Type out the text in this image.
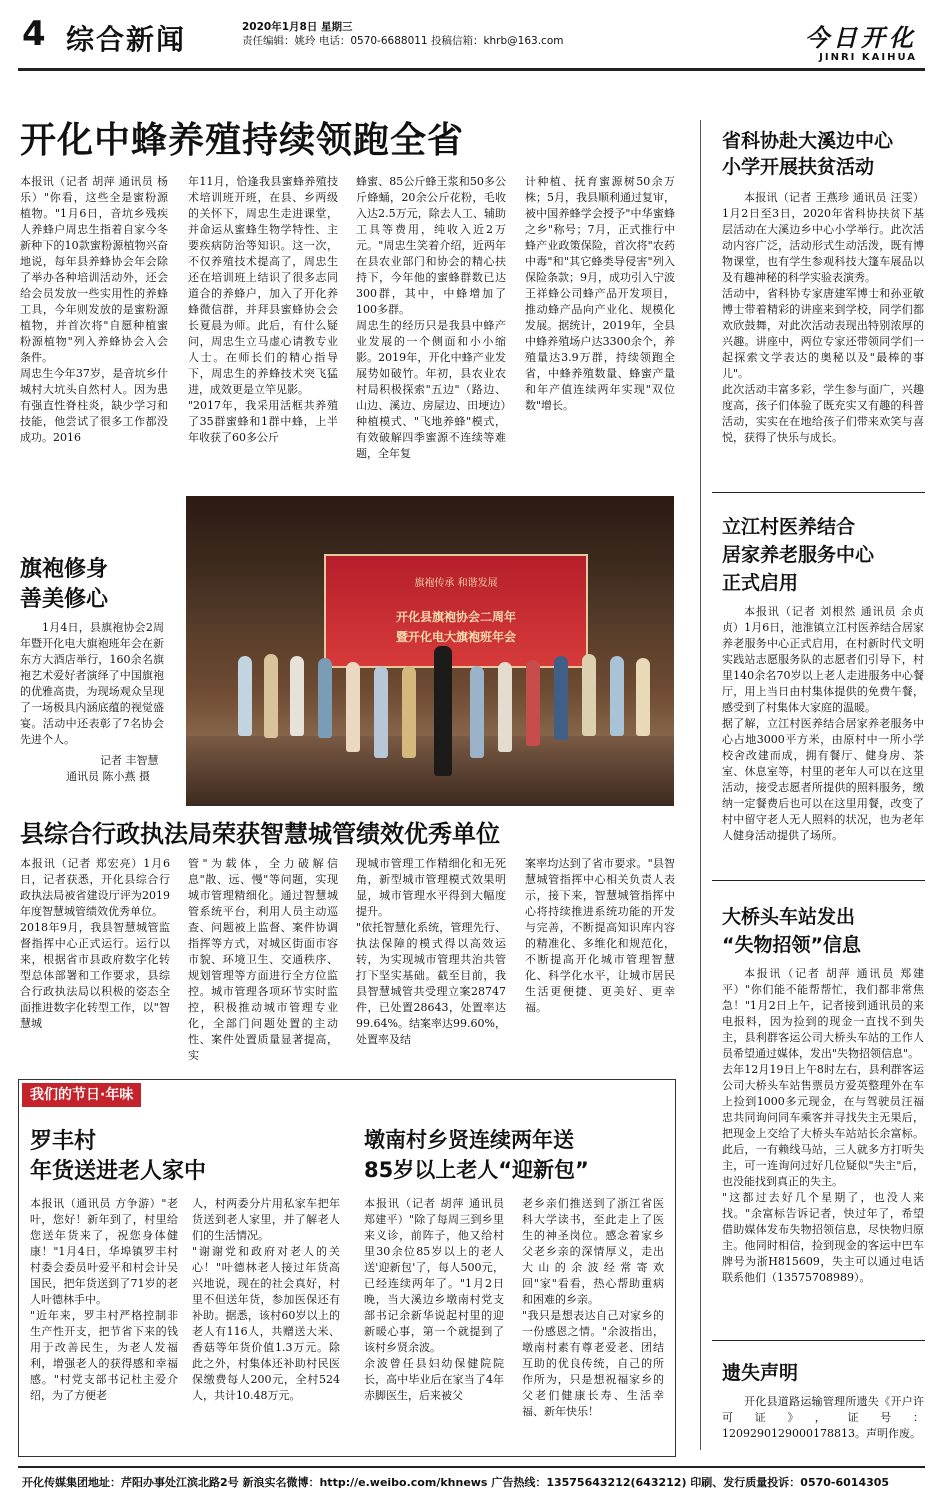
4 综合新闻	2020年1月8日 星期三
责任编辑：姚玲 电话：0570-6688011 投稿信箱：khrb@163.com	今日开化
JINRI KAIHUA
开化中蜂养殖持续领跑全省
本报讯（记者 胡萍 通讯员 杨乐）"你看，这些全是蜜粉源植物。"1月6日，音坑乡残疾人养蜂户周忠生指着自家今冬新种下的10款蜜粉源植物兴奋地说，每年县养蜂协会年会除了举办各种培训活动外，还会给会员发放一些实用性的养蜂工具，今年则发放的是蜜粉源植物，并首次将"自愿种植蜜粉源植物"列入养蜂协会入会条件。
周忠生今年37岁，是音坑乡什城村大坑头自然村人。因为患有强直性脊柱炎，缺少学习和技能，他尝试了很多工作都没成功。2016
年11月，恰逢我县蜜蜂养殖技术培训班开班，在县、乡两级的关怀下，周忠生走进课堂，并命运从蜜蜂生物学特性、主要疾病防治等知识。这一次，不仅养殖技术提高了，周忠生还在培训班上结识了很多志同道合的养蜂户，加入了开化养蜂微信群，并拜县蜜蜂协会会长夏晨为师。此后，有什么疑问，周忠生立马虚心请教专业人士。在师长们的精心指导下，周忠生的养蜂技术突飞猛进，成效更是立竿见影。
"2017年，我采用活框共养殖了35群蜜蜂和1群中蜂，上半年收获了60多公斤
蜂蜜、85公斤蜂王浆和50多公斤蜂蛹，20余公斤花粉，毛收入达2.5万元，除去人工、辅助工具等费用，纯收入近2万元。"周忠生笑着介绍，近两年在县农业部门和协会的精心扶持下，今年他的蜜蜂群数已达300群，其中，中蜂增加了100多群。
周忠生的经历只是我县中蜂产业发展的一个侧面和小小缩影。2019年，开化中蜂产业发展势如破竹。年初，县农业农村局积极探索"五边"（路边、山边、溪边、房屋边、田埂边）种植模式、"飞地养蜂"模式，有效破解四季蜜源不连续等难题，全年复
计种植、抚育蜜源树50余万株；5月，我县顺利通过复审，被中国养蜂学会授予"中华蜜蜂之乡"称号；7月，正式推行中蜂产业政策保险，首次将"农药中毒"和"其它蜂类导侵害"列入保险条款；9月，成功引入宁波王祥蜂公司蜂产品开发项目，推动蜂产品向产业化、规模化发展。据统计，2019年，全县中蜂养殖场户达3300余个，养殖量达3.9万群，持续领跑全省，中蜂养殖数量、蜂蜜产量和年产值连续两年实现"双位数"增长。
旗袍修身
善美修心
1月4日，县旗袍协会2周年暨开化电大旗袍班年会在新东方大酒店举行，160余名旗袍艺术爱好者演绎了中国旗袍的优雅高贵，为现场观众呈现了一场极具内涵底蕴的视觉盛宴。活动中还表彰了7名协会先进个人。
记者 丰智慧
通讯员 陈小燕 摄
旗袍传承 和谐发展
开化县旗袍协会二周年
暨开化电大旗袍班年会
县综合行政执法局荣获智慧城管绩效优秀单位
本报讯（记者 郑宏亮）1月6日，记者获悉，开化县综合行政执法局被省建设厅评为2019年度智慧城管绩效优秀单位。
2018年9月，我县智慧城管监督指挥中心正式运行。运行以来，根据省市县政府数字化转型总体部署和工作要求，县综合行政执法局以积极的姿态全面推进数字化转型工作，以"智慧城
管"为载体，全力破解信息"散、远、慢"等问题，实现城市管理精细化。通过智慧城管系统平台，利用人员主动巡查、问题被上监督、案件协调指挥等方式，对城区街面市容市貌、环境卫生、交通秩序、规划管理等方面进行全方位监控。城市管理各项环节实时监控，积极推动城市管理专业化，全部门问题处置的主动性、案件处置质量显著提高，实
现城市管理工作精细化和无死角，新型城市管理模式效果明显，城市管理水平得到大幅度提升。
"依托智慧化系统，管理先行、执法保障的模式得以高效运转，为实现城市管理共治共管打下坚实基础。截至目前，我县智慧城管共受理立案28747件，已处置28643，处置率达99.64%。结案率达99.60%，处置率及结
案率均达到了省市要求。"县智慧城管指挥中心相关负责人表示，接下来，智慧城管指挥中心将持续推进系统功能的开发与完善，不断提高知识库内容的精准化、多维化和规范化，不断提高开化城市管理智慧化、科学化水平，让城市居民生活更便捷、更美好、更幸福。
省科协赴大溪边中心
小学开展扶贫活动
本报讯（记者 王燕珍 通讯员 汪雯）1月2日至3日，2020年省科协扶贫下基层活动在大溪边乡中心小学举行。此次活动内容广泛，活动形式生动活泼，既有博物课堂，也有学生参观科技大篷车展品以及有趣神秘的科学实验表演秀。
活动中，省科协专家唐建军博士和孙亚敏博士带着精彩的讲座来到学校，同学们都欢欣鼓舞，对此次活动表现出特别浓厚的兴趣。讲座中，两位专家还带领同学们一起探索文学表达的奥秘以及"最棒的事儿"。
此次活动丰富多彩，学生参与面广，兴趣度高，孩子们体验了既充实又有趣的科普活动，实实在在地给孩子们带来欢笑与喜悦，获得了快乐与成长。
立江村医养结合
居家养老服务中心
正式启用
本报讯（记者 刘根然 通讯员 余贞贞）1月6日，池淮镇立江村医养结合居家养老服务中心正式启用，在村新时代文明实践站志愿服务队的志愿者们引导下，村里140余名70岁以上老人走进服务中心餐厅，用上当日由村集体提供的免费午餐，感受到了村集体大家庭的温暖。
据了解，立江村医养结合居家养老服务中心占地3000平方米，由原村中一所小学校舍改建而成，拥有餐厅、健身房、茶室、休息室等，村里的老年人可以在这里活动，接受志愿者所提供的照料服务，缴纳一定餐费后也可以在这里用餐，改变了村中留守老人无人照料的状况，也为老年人健身活动提供了场所。
大桥头车站发出
“失物招领”信息
本报讯（记者 胡萍 通讯员 郑建平）"你们能不能帮帮忙，我们都非常焦急！"1月2日上午，记者接到通讯员的来电报料，因为捡到的现金一直找不到失主，县利群客运公司大桥头车站的工作人员希望通过媒体，发出"失物招领信息"。
去年12月19日上午8时左右，县利群客运公司大桥头车站售票员方爱英整理外在车上捡到1000多元现金，在与驾驶员汪福忠共同询问同车乘客并寻找失主无果后，把现金上交给了大桥头车站站长余富标。此后，一有赖线马站，三人就多方打听失主，可一连询问过好几位疑似"失主"后，也没能找到真正的失主。
"这都过去好几个星期了，也没人来找。"余富标告诉记者，快过年了，希望借助媒体发布失物招领信息，尽快物归原主。他同时相信，捡到现金的客运中巴车牌号为浙H815609，失主可以通过电话联系他们（13575708989）。
遗失声明
开化县道路运输管理所遗失《开户许可证》，证号：1209290129000178813。声明作废。
我们的节日·年味
罗丰村
年货送进老人家中
本报讯（通讯员 方争游）"老叶，您好！新年到了，村里给您送年货来了，祝您身体健康！"1月4日，华埠镇罗丰村村委会委员叶爱平和村会计吴国民，把年货送到了71岁的老人叶德林手中。
"近年来，罗丰村严格控制非生产性开支，把节省下来的钱用于改善民生，为老人发福利，增强老人的获得感和幸福感。"村党支部书记杜主爱介绍，为了方便老
人，村两委分片用私家车把年货送到老人家里，并了解老人们的生活情况。
"谢谢党和政府对老人的关心！"叶德林老人接过年货高兴地说，现在的社会真好，村里不但送年货，参加医保还有补助。据悉，该村60岁以上的老人有116人，共赠送大米、香菇等年货价值1.3万元。除此之外，村集体还补助村民医保缴费每人200元，全村524人，共计10.48万元。
墩南村乡贤连续两年送
85岁以上老人“迎新包”
本报讯（记者 胡萍 通讯员 郑建平）"除了每周三到乡里来义诊，前阵子，他又给村里30余位85岁以上的老人送'迎新包'了，每人500元，已经连续两年了。"1月2日晚，当大溪边乡墩南村党支部书记余新华说起村里的迎新暖心事，第一个就提到了该村乡贤余波。
余波曾任县妇幼保健院院长，高中毕业后在家当了4年赤脚医生，后来被父
老乡亲们推送到了浙江省医科大学读书，至此走上了医生的神圣岗位。感念着家乡父老乡亲的深情厚义，走出大山的余波经常寄欢回"家"看看，热心帮助重病和困难的乡亲。
"我只是想表达自己对家乡的一份感恩之情。"余波指出，墩南村素有尊老爱老、团结互助的优良传统，自己的所作所为，只是想祝福家乡的父老们健康长寿、生活幸福、新年快乐！
开化传媒集团地址：芹阳办事处江滨北路2号 新浪实名微博：http://e.weibo.com/khnews 广告热线：13575643212(643212) 印刷、发行质量投诉：0570-6014305
